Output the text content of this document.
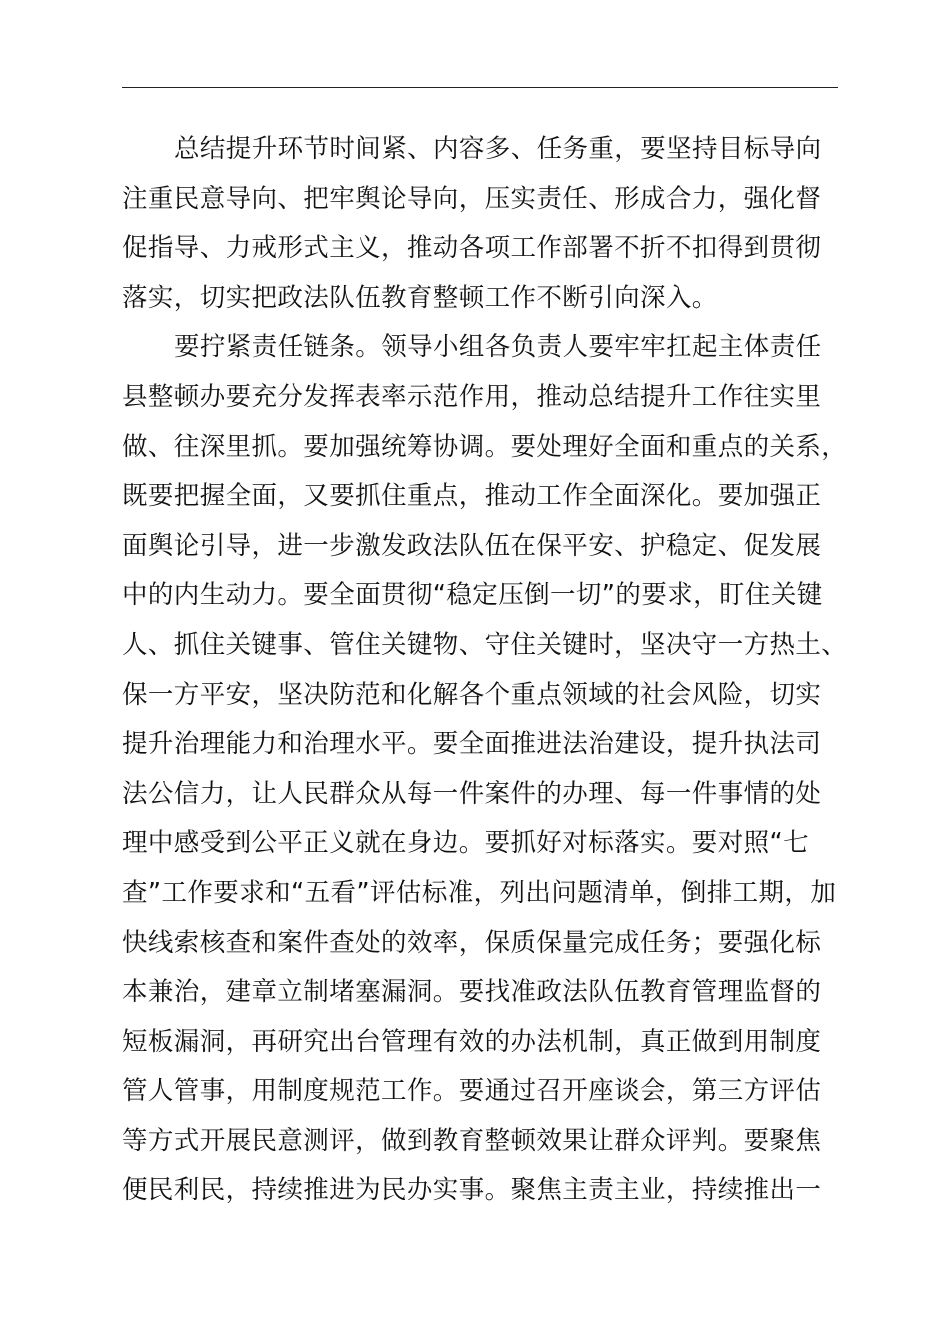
总结提升环节时间紧、内容多、任务重，要坚持目标导向
注重民意导向、把牢舆论导向，压实责任、形成合力，强化督
促指导、力戒形式主义，推动各项工作部署不折不扣得到贯彻
落实，切实把政法队伍教育整顿工作不断引向深入。
要拧紧责任链条。领导小组各负责人要牢牢扛起主体责任
县整顿办要充分发挥表率示范作用，推动总结提升工作往实里
做、往深里抓。要加强统筹协调。要处理好全面和重点的关系，
既要把握全面，又要抓住重点，推动工作全面深化。要加强正
面舆论引导，进一步激发政法队伍在保平安、护稳定、促发展
中的内生动力。要全面贯彻“稳定压倒一切”的要求，盯住关键
人、抓住关键事、管住关键物、守住关键时，坚决守一方热土、
保一方平安，坚决防范和化解各个重点领域的社会风险，切实
提升治理能力和治理水平。要全面推进法治建设，提升执法司
法公信力，让人民群众从每一件案件的办理、每一件事情的处
理中感受到公平正义就在身边。要抓好对标落实。要对照“七
查”工作要求和“五看”评估标准，列出问题清单，倒排工期，加
快线索核查和案件查处的效率，保质保量完成任务；要强化标
本兼治，建章立制堵塞漏洞。要找准政法队伍教育管理监督的
短板漏洞，再研究出台管理有效的办法机制，真正做到用制度
管人管事，用制度规范工作。要通过召开座谈会，第三方评估
等方式开展民意测评，做到教育整顿效果让群众评判。要聚焦
便民利民，持续推进为民办实事。聚焦主责主业，持续推出一
